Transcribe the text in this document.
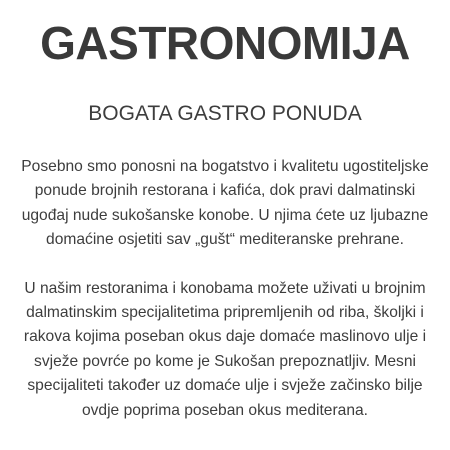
GASTRONOMIJA
BOGATA GASTRO PONUDA

Posebno smo ponosni na bogatstvo i kvalitetu ugostiteljske
ponude brojnih restorana i kafića, dok pravi dalmatinski
ugođaj nude sukošanske konobe. U njima ćete uz ljubazne
domaćine osjetiti sav „gušt“ mediteranske prehrane.

U našim restoranima i konobama možete uživati u brojnim
dalmatinskim specijalitetima pripremljenih od riba, školjki i
rakova kojima poseban okus daje domaće maslinovo ulje i
svježe povrće po kome je Sukošan prepoznatljiv. Mesni
specijaliteti također uz domaće ulje i svježe začinsko bilje
ovdje poprima poseban okus mediterana.
